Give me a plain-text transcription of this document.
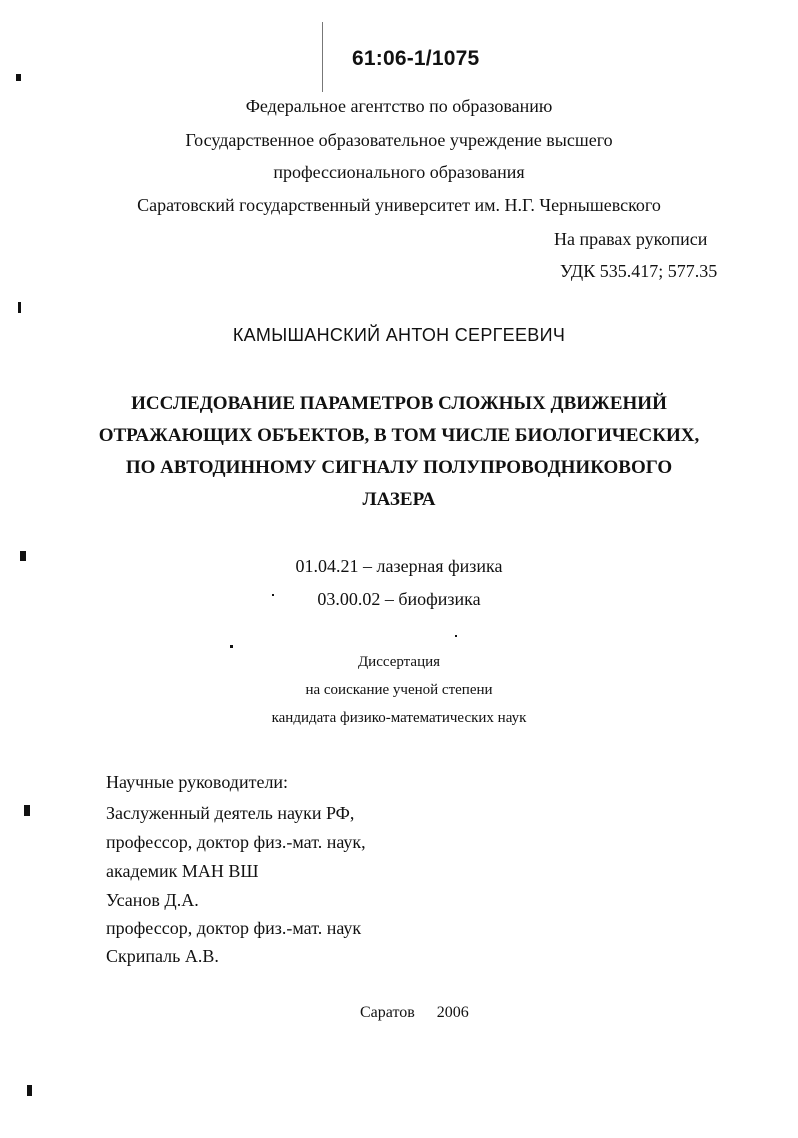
61:06-1/1075
Федеральное агентство по образованию
Государственное образовательное учреждение высшего
профессионального образования
Саратовский государственный университет им. Н.Г. Чернышевского
На правах рукописи
УДК 535.417; 577.35
КАМЫШАНСКИЙ АНТОН СЕРГЕЕВИЧ
ИССЛЕДОВАНИЕ ПАРАМЕТРОВ СЛОЖНЫХ ДВИЖЕНИЙ
ОТРАЖАЮЩИХ ОБЪЕКТОВ, В ТОМ ЧИСЛЕ БИОЛОГИЧЕСКИХ,
ПО АВТОДИННОМУ СИГНАЛУ ПОЛУПРОВОДНИКОВОГО
ЛАЗЕРА
01.04.21 – лазерная физика
03.00.02 – биофизика
Диссертация
на соискание ученой степени
кандидата физико-математических наук
Научные руководители:
Заслуженный деятель науки РФ,
профессор, доктор физ.-мат. наук,
академик МАН ВШ
Усанов Д.А.
профессор, доктор физ.-мат. наук
Скрипаль А.В.
Саратов 2006
